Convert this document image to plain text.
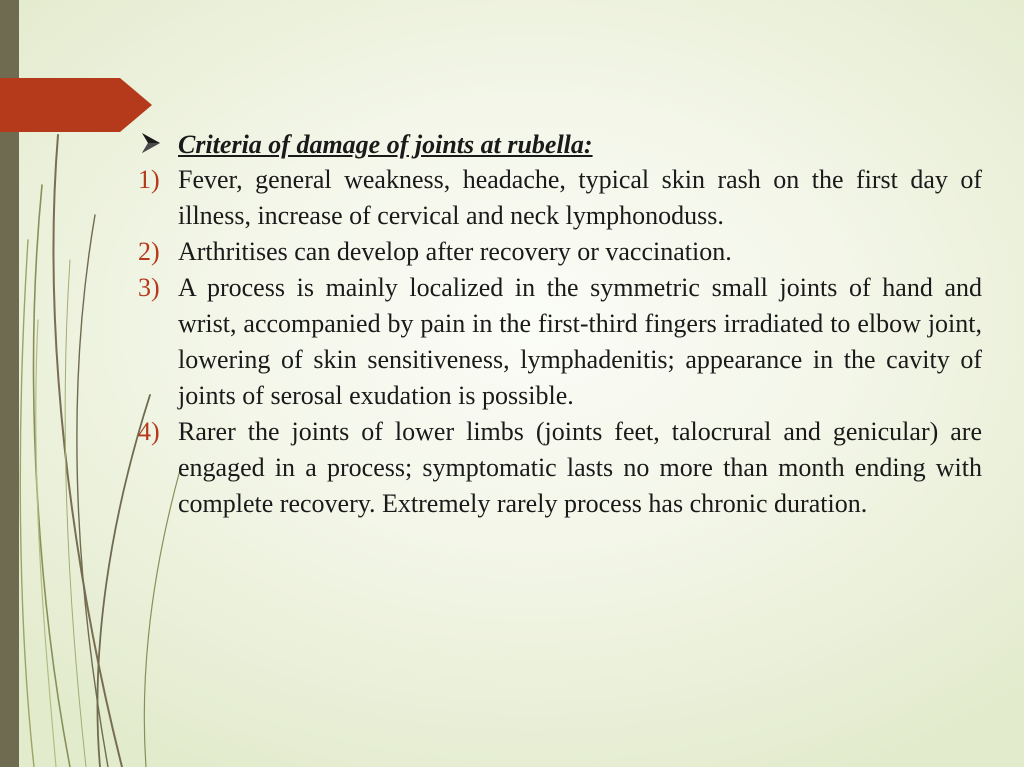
Criteria of damage of joints at rubella:
1) Fever, general weakness, headache, typical skin rash on the first day of illness, increase of cervical and neck lymphonoduss.
2) Arthritises can develop after recovery or vaccination.
3) A process is mainly localized in the symmetric small joints of hand and wrist, accompanied by pain in the first-third fingers irradiated to elbow joint, lowering of skin sensitiveness, lymphadenitis; appearance in the cavity of joints of serosal exudation is possible.
4) Rarer the joints of lower limbs (joints feet, talocrural and genicular) are engaged in a process; symptomatic lasts no more than month ending with complete recovery. Extremely rarely process has chronic duration.
